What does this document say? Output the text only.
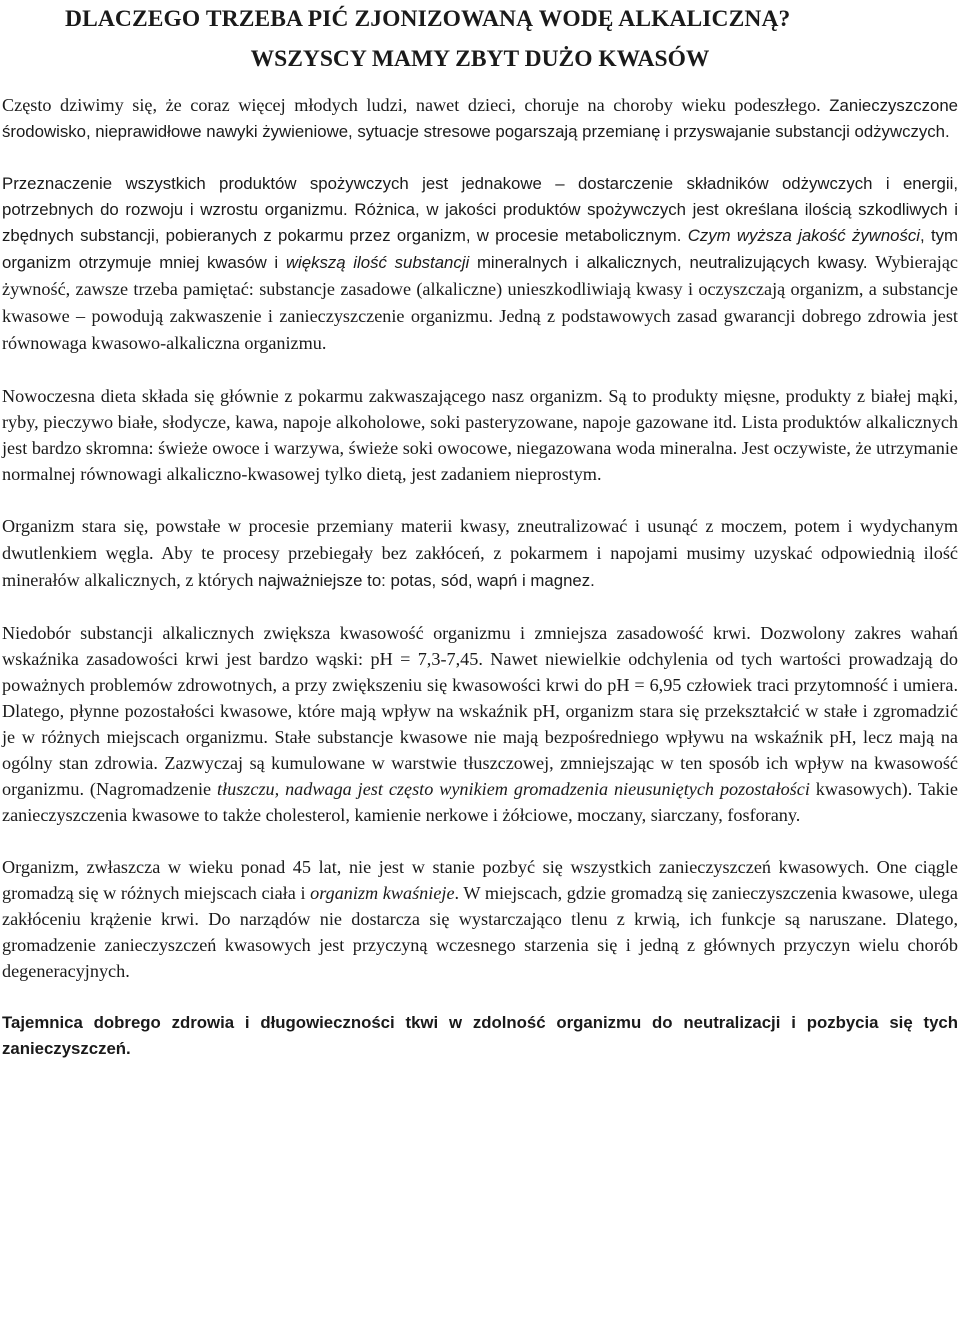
DLACZEGO TRZEBA PIĆ ZJONIZOWANĄ WODĘ ALKALICZNĄ?
WSZYSCY MAMY ZBYT DUŻO KWASÓW

Często dziwimy się, że coraz więcej młodych ludzi, nawet dzieci, choruje na choroby wieku podeszłego. Zanieczyszczone środowisko, nieprawidłowe nawyki żywieniowe, sytuacje stresowe pogarszają przemianę i przyswajanie substancji odżywczych.

Przeznaczenie wszystkich produktów spożywczych jest jednakowe – dostarczenie składników odżywczych i energii, potrzebnych do rozwoju i wzrostu organizmu. Różnica, w jakości produktów spożywczych jest określana ilością szkodliwych i zbędnych substancji, pobieranych z pokarmu przez organizm, w procesie metabolicznym. Czym wyższa jakość żywności, tym organizm otrzymuje mniej kwasów i większą ilość substancji mineralnych i alkalicznych, neutralizujących kwasy. Wybierając żywność, zawsze trzeba pamiętać: substancje zasadowe (alkaliczne) unieszkodliwiają kwasy i oczyszczają organizm, a substancje kwasowe – powodują zakwaszenie i zanieczyszczenie organizmu. Jedną z podstawowych zasad gwarancji dobrego zdrowia jest równowaga kwasowo-alkaliczna organizmu.

Nowoczesna dieta składa się głównie z pokarmu zakwaszającego nasz organizm. Są to produkty mięsne, produkty z białej mąki, ryby, pieczywo białe, słodycze, kawa, napoje alkoholowe, soki pasteryzowane, napoje gazowane itd. Lista produktów alkalicznych jest bardzo skromna: świeże owoce i warzywa, świeże soki owocowe, niegazowana woda mineralna. Jest oczywiste, że utrzymanie normalnej równowagi alkaliczno-kwasowej tylko dietą, jest zadaniem nieprostym.

Organizm stara się, powstałe w procesie przemiany materii kwasy, zneutralizować i usunąć z moczem, potem i wydychanym dwutlenkiem węgla. Aby te procesy przebiegały bez zakłóceń, z pokarmem i napojami musimy uzyskać odpowiednią ilość minerałów alkalicznych, z których najważniejsze to: potas, sód, wapń i magnez.

Niedobór substancji alkalicznych zwiększa kwasowość organizmu i zmniejsza zasadowość krwi. Dozwolony zakres wahań wskaźnika zasadowości krwi jest bardzo wąski: pH = 7,3-7,45. Nawet niewielkie odchylenia od tych wartości prowadzają do poważnych problemów zdrowotnych, a przy zwiększeniu się kwasowości krwi do pH = 6,95 człowiek traci przytomność i umiera. Dlatego, płynne pozostałości kwasowe, które mają wpływ na wskaźnik pH, organizm stara się przekształcić w stałe i zgromadzić je w różnych miejscach organizmu. Stałe substancje kwasowe nie mają bezpośredniego wpływu na wskaźnik pH, lecz mają na ogólny stan zdrowia. Zazwyczaj są kumulowane w warstwie tłuszczowej, zmniejszając w ten sposób ich wpływ na kwasowość organizmu. (Nagromadzenie tłuszczu, nadwaga jest często wynikiem gromadzenia nieusuniętych pozostałości kwasowych). Takie zanieczyszczenia kwasowe to także cholesterol, kamienie nerkowe i żółciowe, moczany, siarczany, fosforany.

Organizm, zwłaszcza w wieku ponad 45 lat, nie jest w stanie pozbyć się wszystkich zanieczyszczeń kwasowych. One ciągle gromadzą się w różnych miejscach ciała i organizm kwaśnieje. W miejscach, gdzie gromadzą się zanieczyszczenia kwasowe, ulega zakłóceniu krążenie krwi. Do narządów nie dostarcza się wystarczająco tlenu z krwią, ich funkcje są naruszane. Dlatego, gromadzenie zanieczyszczeń kwasowych jest przyczyną wczesnego starzenia się i jedną z głównych przyczyn wielu chorób degeneracyjnych.

Tajemnica dobrego zdrowia i długowieczności tkwi w zdolność organizmu do neutralizacji i pozbycia się tych zanieczyszczeń.
